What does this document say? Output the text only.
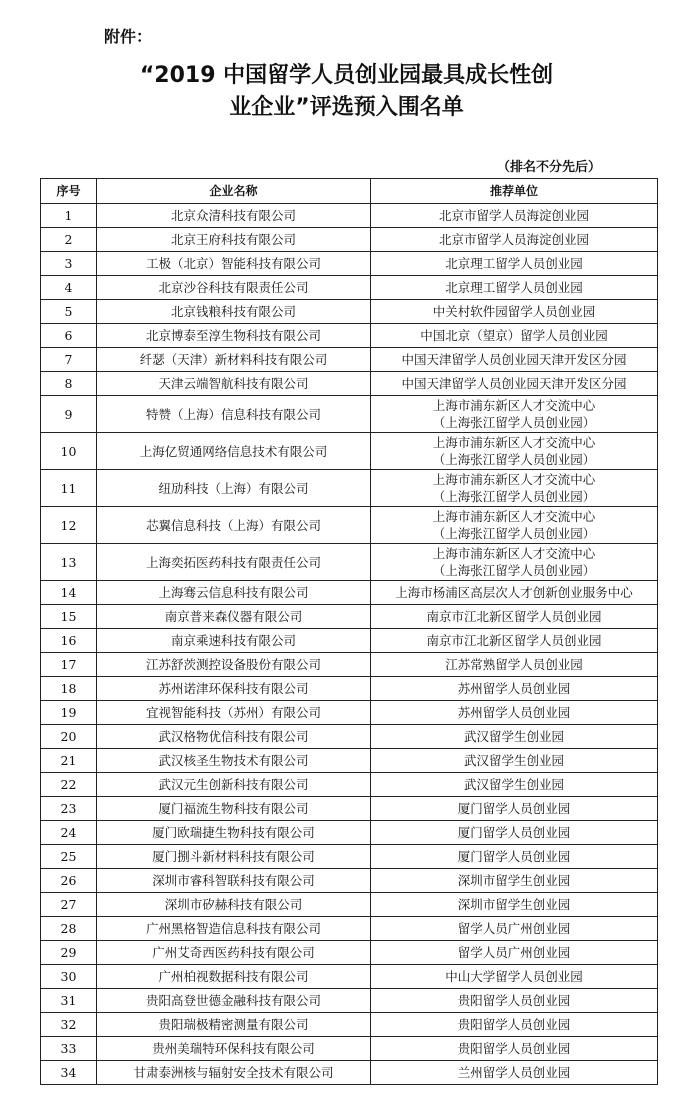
附件：
“2019 中国留学人员创业园最具成长性创
业企业”评选预入围名单
（排名不分先后）
序号	企业名称	推荐单位
1	北京众清科技有限公司	北京市留学人员海淀创业园

2	北京王府科技有限公司	北京市留学人员海淀创业园

3	工极（北京）智能科技有限公司	北京理工留学人员创业园

4	北京沙谷科技有限责任公司	北京理工留学人员创业园

5	北京钱粮科技有限公司	中关村软件园留学人员创业园

6	北京博泰至淳生物科技有限公司	中国北京（望京）留学人员创业园

7	纤瑟（天津）新材料科技有限公司	中国天津留学人员创业园天津开发区分园

8	天津云端智航科技有限公司	中国天津留学人员创业园天津开发区分园

9	特赞（上海）信息科技有限公司	上海市浦东新区人才交流中心
（上海张江留学人员创业园）

10	上海亿贸通网络信息技术有限公司	上海市浦东新区人才交流中心
（上海张江留学人员创业园）

11	纽劢科技（上海）有限公司	上海市浦东新区人才交流中心
（上海张江留学人员创业园）

12	芯翼信息科技（上海）有限公司	上海市浦东新区人才交流中心
（上海张江留学人员创业园）

13	上海奕拓医药科技有限责任公司	上海市浦东新区人才交流中心
（上海张江留学人员创业园）

14	上海骞云信息科技有限公司	上海市杨浦区高层次人才创新创业服务中心

15	南京普来森仪器有限公司	南京市江北新区留学人员创业园

16	南京乘速科技有限公司	南京市江北新区留学人员创业园

17	江苏舒茨测控设备股份有限公司	江苏常熟留学人员创业园

18	苏州诺津环保科技有限公司	苏州留学人员创业园

19	宜视智能科技（苏州）有限公司	苏州留学人员创业园

20	武汉格物优信科技有限公司	武汉留学生创业园

21	武汉核圣生物技术有限公司	武汉留学生创业园

22	武汉元生创新科技有限公司	武汉留学生创业园

23	厦门福流生物科技有限公司	厦门留学人员创业园

24	厦门欧瑞捷生物科技有限公司	厦门留学人员创业园

25	厦门捌斗新材料科技有限公司	厦门留学人员创业园

26	深圳市睿科智联科技有限公司	深圳市留学生创业园

27	深圳市矽赫科技有限公司	深圳市留学生创业园

28	广州黑格智造信息科技有限公司	留学人员广州创业园

29	广州艾奇西医药科技有限公司	留学人员广州创业园

30	广州柏视数据科技有限公司	中山大学留学人员创业园

31	贵阳高登世德金融科技有限公司	贵阳留学人员创业园

32	贵阳瑞极精密测量有限公司	贵阳留学人员创业园

33	贵州美瑞特环保科技有限公司	贵阳留学人员创业园

34	甘肃泰洲核与辐射安全技术有限公司	兰州留学人员创业园
